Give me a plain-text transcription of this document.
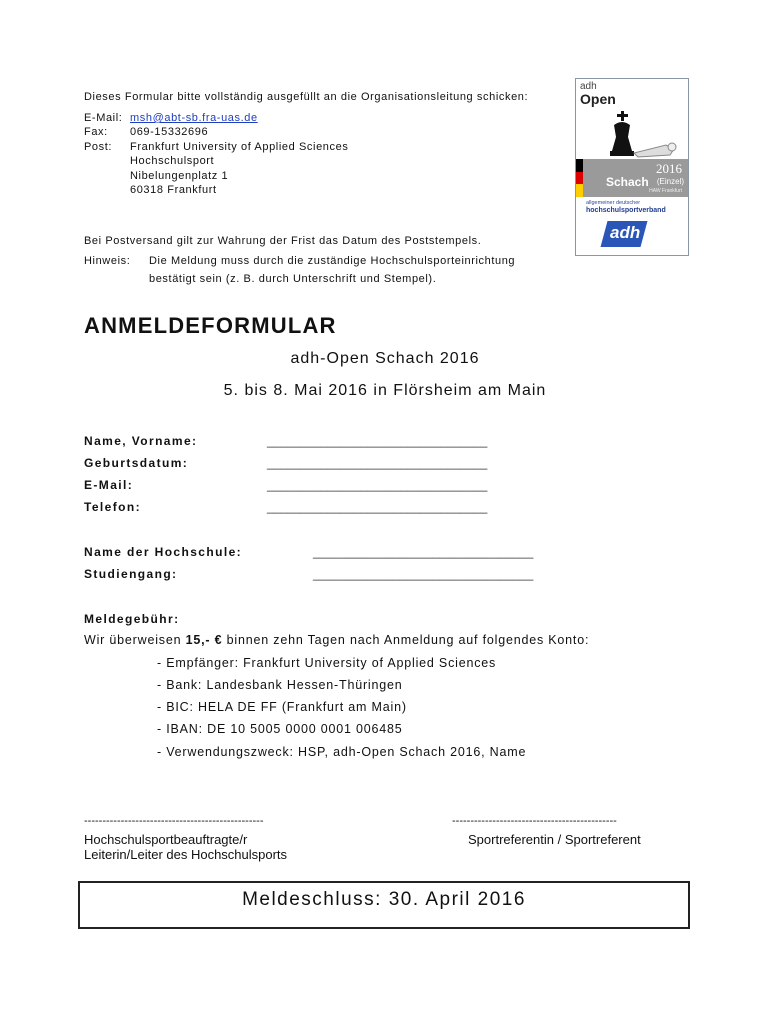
Dieses Formular bitte vollständig ausgefüllt an die Organisationsleitung schicken:
E-Mail: msh@abt-sb.fra-uas.de
Fax: 069-15332696
Post: Frankfurt University of Applied Sciences
Hochschulsport
Nibelungenplatz 1
60318 Frankfurt
Bei Postversand gilt zur Wahrung der Frist das Datum des Poststempels.
Hinweis: Die Meldung muss durch die zuständige Hochschulsporteinrichtung
bestätigt sein (z. B. durch Unterschrift und Stempel).
adh
Open
2016
Schach (Einzel)
HAW Frankfurt
allgemeiner deutscher
hochschulsportverband
adh
ANMELDEFORMULAR
adh-Open Schach 2016
5. bis 8. Mai 2016 in Flörsheim am Main
Name, Vorname:	_________________________________
Geburtsdatum:	_________________________________
E-Mail:	_________________________________
Telefon:	_________________________________
Name der Hochschule:	_________________________________
Studiengang:	_________________________________
Meldegebühr:
Wir überweisen 15,- € binnen zehn Tagen nach Anmeldung auf folgendes Konto:
- Empfänger: Frankfurt University of Applied Sciences
- Bank: Landesbank Hessen-Thüringen
- BIC: HELA DE FF (Frankfurt am Main)
- IBAN: DE 10 5005 0000 0001 006485
- Verwendungszweck: HSP, adh-Open Schach 2016, Name
-------------------------------------------------
Hochschulsportbeauftragte/r
Leiterin/Leiter des Hochschulsports
---------------------------------------------
Sportreferentin / Sportreferent
Meldeschluss: 30. April 2016
